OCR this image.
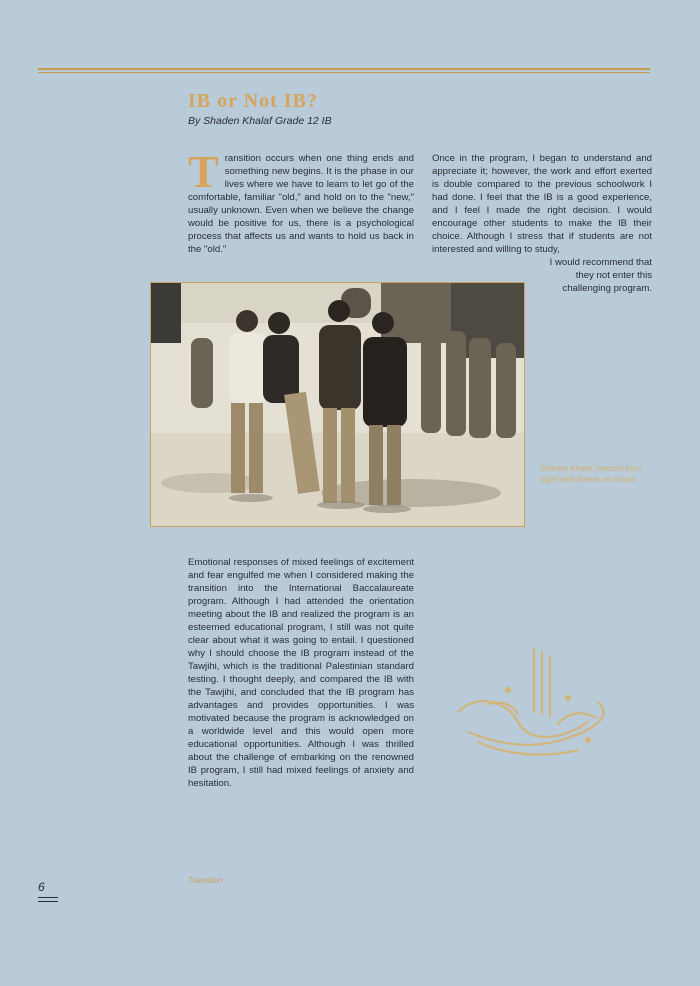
IB or Not IB?
By Shaden Khalaf Grade 12 IB

T ransition occurs when one thing ends and something new begins. It is the phase in our lives where we have to learn to let go of the comfortable, familiar "old," and hold on to the "new," usually unknown. Even when we believe the change would be positive for us, there is a psychological process that affects us and wants to hold us back in the "old."

Once in the program, I began to understand and appreciate it; however, the work and effort exerted is double compared to the previous schoolwork I had done. I feel that the IB is a good experience, and I feel I made the right decision. I would encourage other students to make the IB their choice. Although I stress that if students are not interested and willing to study,

I would recommend that they not enter this challenging program.

Shaden Khalaf (second from right) with friends at school

Emotional responses of mixed feelings of excitement and fear engulfed me when I considered making the transition into the International Baccalaureate program. Although I had attended the orientation meeting about the IB and realized the program is an esteemed educational program, I still was not quite clear about what it was going to entail. I questioned why I should choose the IB program instead of the Tawjihi, which is the traditional Palestinian standard testing. I thought deeply, and compared the IB with the Tawjihi, and concluded that the IB program has advantages and provides opportunities. I was motivated because the program is acknowledged on a worldwide level and this would open more educational opportunities. Although I was thrilled about the challenge of embarking on the renowned IB program, I still had mixed feelings of anxiety and hesitation.

Transition
6
